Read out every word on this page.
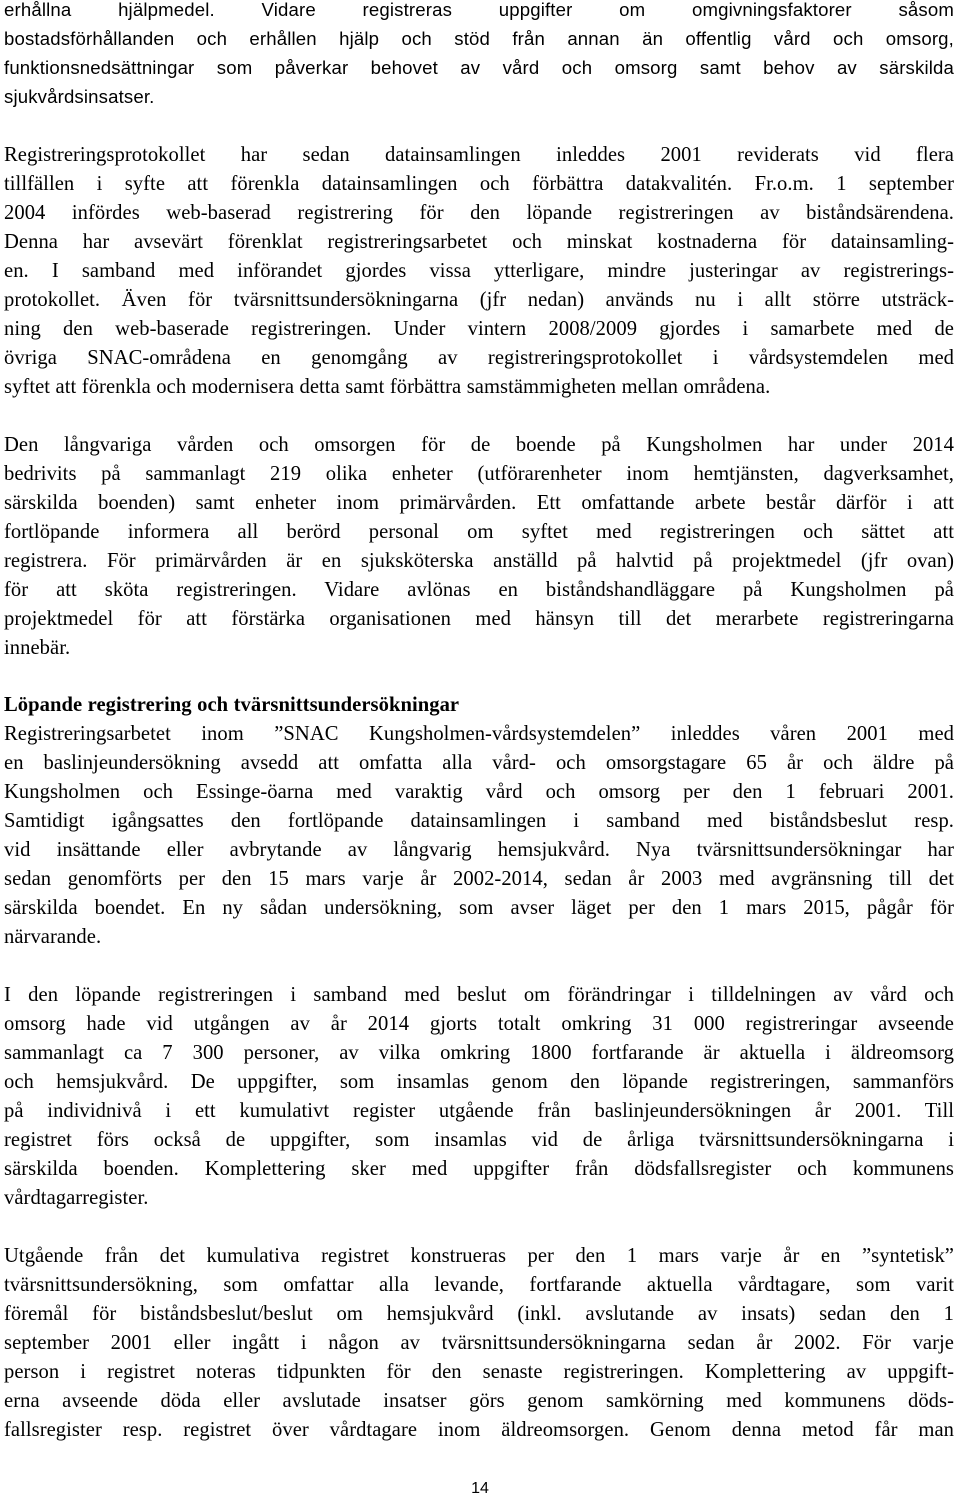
erhållna hjälpmedel. Vidare registreras uppgifter om omgivningsfaktorer såsom
bostadsförhållanden och erhållen hjälp och stöd från annan än offentlig vård och omsorg,
funktionsnedsättningar som påverkar behovet av vård och omsorg samt behov av särskilda
sjukvårdsinsatser.
Registreringsprotokollet har sedan datainsamlingen inleddes 2001 reviderats vid flera
tillfällen i syfte att förenkla datainsamlingen och förbättra datakvalitén. Fr.o.m. 1 september
2004 infördes web-baserad registrering för den löpande registreringen av biståndsärendena.
Denna har avsevärt förenklat registreringsarbetet och minskat kostnaderna för datainsamling-
en. I samband med införandet gjordes vissa ytterligare, mindre justeringar av registrerings-
protokollet. Även för tvärsnittsundersökningarna (jfr nedan) används nu i allt större utsträck-
ning den web-baserade registreringen. Under vintern 2008/2009 gjordes i samarbete med de
övriga SNAC-områdena en genomgång av registreringsprotokollet i vårdsystemdelen med
syftet att förenkla och modernisera detta samt förbättra samstämmigheten mellan områdena.
Den långvariga vården och omsorgen för de boende på Kungsholmen har under 2014
bedrivits på sammanlagt 219 olika enheter (utförarenheter inom hemtjänsten, dagverksamhet,
särskilda boenden) samt enheter inom primärvården. Ett omfattande arbete består därför i att
fortlöpande informera all berörd personal om syftet med registreringen och sättet att
registrera. För primärvården är en sjuksköterska anställd på halvtid på projektmedel (jfr ovan)
för att sköta registreringen. Vidare avlönas en biståndshandläggare på Kungsholmen på
projektmedel för att förstärka organisationen med hänsyn till det merarbete registreringarna
innebär.
Löpande registrering och tvärsnittsundersökningar
Registreringsarbetet inom ”SNAC Kungsholmen-vårdsystemdelen” inleddes våren 2001 med
en baslinjeundersökning avsedd att omfatta alla vård- och omsorgstagare 65 år och äldre på
Kungsholmen och Essinge-öarna med varaktig vård och omsorg per den 1 februari 2001.
Samtidigt igångsattes den fortlöpande datainsamlingen i samband med biståndsbeslut resp.
vid insättande eller avbrytande av långvarig hemsjukvård. Nya tvärsnittsundersökningar har
sedan genomförts per den 15 mars varje år 2002-2014, sedan år 2003 med avgränsning till det
särskilda boendet. En ny sådan undersökning, som avser läget per den 1 mars 2015, pågår för
närvarande.
I den löpande registreringen i samband med beslut om förändringar i tilldelningen av vård och
omsorg hade vid utgången av år 2014 gjorts totalt omkring 31 000 registreringar avseende
sammanlagt ca 7 300 personer, av vilka omkring 1800 fortfarande är aktuella i äldreomsorg
och hemsjukvård. De uppgifter, som insamlas genom den löpande registreringen, sammanförs
på individnivå i ett kumulativt register utgående från baslinjeundersökningen år 2001. Till
registret förs också de uppgifter, som insamlas vid de årliga tvärsnittsundersökningarna i
särskilda boenden. Komplettering sker med uppgifter från dödsfallsregister och kommunens
vårdtagarregister.
Utgående från det kumulativa registret konstrueras per den 1 mars varje år en ”syntetisk”
tvärsnittsundersökning, som omfattar alla levande, fortfarande aktuella vårdtagare, som varit
föremål för biståndsbeslut/beslut om hemsjukvård (inkl. avslutande av insats) sedan den 1
september 2001 eller ingått i någon av tvärsnittsundersökningarna sedan år 2002. För varje
person i registret noteras tidpunkten för den senaste registreringen. Komplettering av uppgift-
erna avseende döda eller avslutade insatser görs genom samkörning med kommunens döds-
fallsregister resp. registret över vårdtagare inom äldreomsorgen. Genom denna metod får man
14
